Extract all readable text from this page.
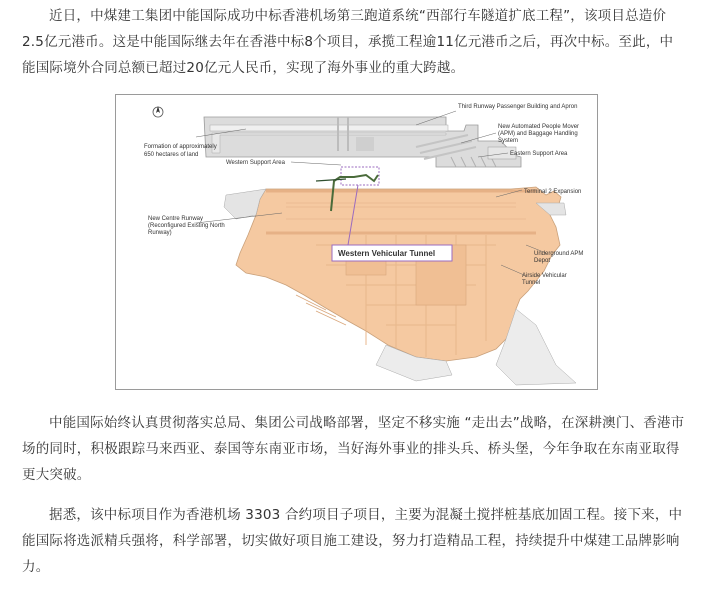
近日，中煤建工集团中能国际成功中标香港机场第三跑道系统“西部行车隧道扩底工程”，该项目总造价2.5亿元港币。这是中能国际继去年在香港中标8个项目，承揽工程逾11亿元港币之后，再次中标。至此，中能国际境外合同总额已超过20亿元人民币，实现了海外事业的重大跨越。

Formation of approximately
650 hectares of land
Western Support Area
Third Runway Passenger Building and Apron
New Automated People Mover
(APM) and Baggage Handling
System
Eastern Support Area
Terminal 2 Expansion
New Centre Runway
(Reconfigured Existing North
Runway)
Underground APM
Depot
Airside Vehicular
Tunnel
Western Vehicular Tunnel

中能国际始终认真贯彻落实总局、集团公司战略部署，坚定不移实施 “走出去”战略，在深耕澳门、香港市场的同时，积极跟踪马来西亚、泰国等东南亚市场，当好海外事业的排头兵、桥头堡，今年争取在东南亚取得更大突破。

据悉，该中标项目作为香港机场 3303 合约项目子项目，主要为混凝土搅拌桩基底加固工程。接下来，中能国际将选派精兵强将，科学部署，切实做好项目施工建设，努力打造精品工程，持续提升中煤建工品牌影响力。
